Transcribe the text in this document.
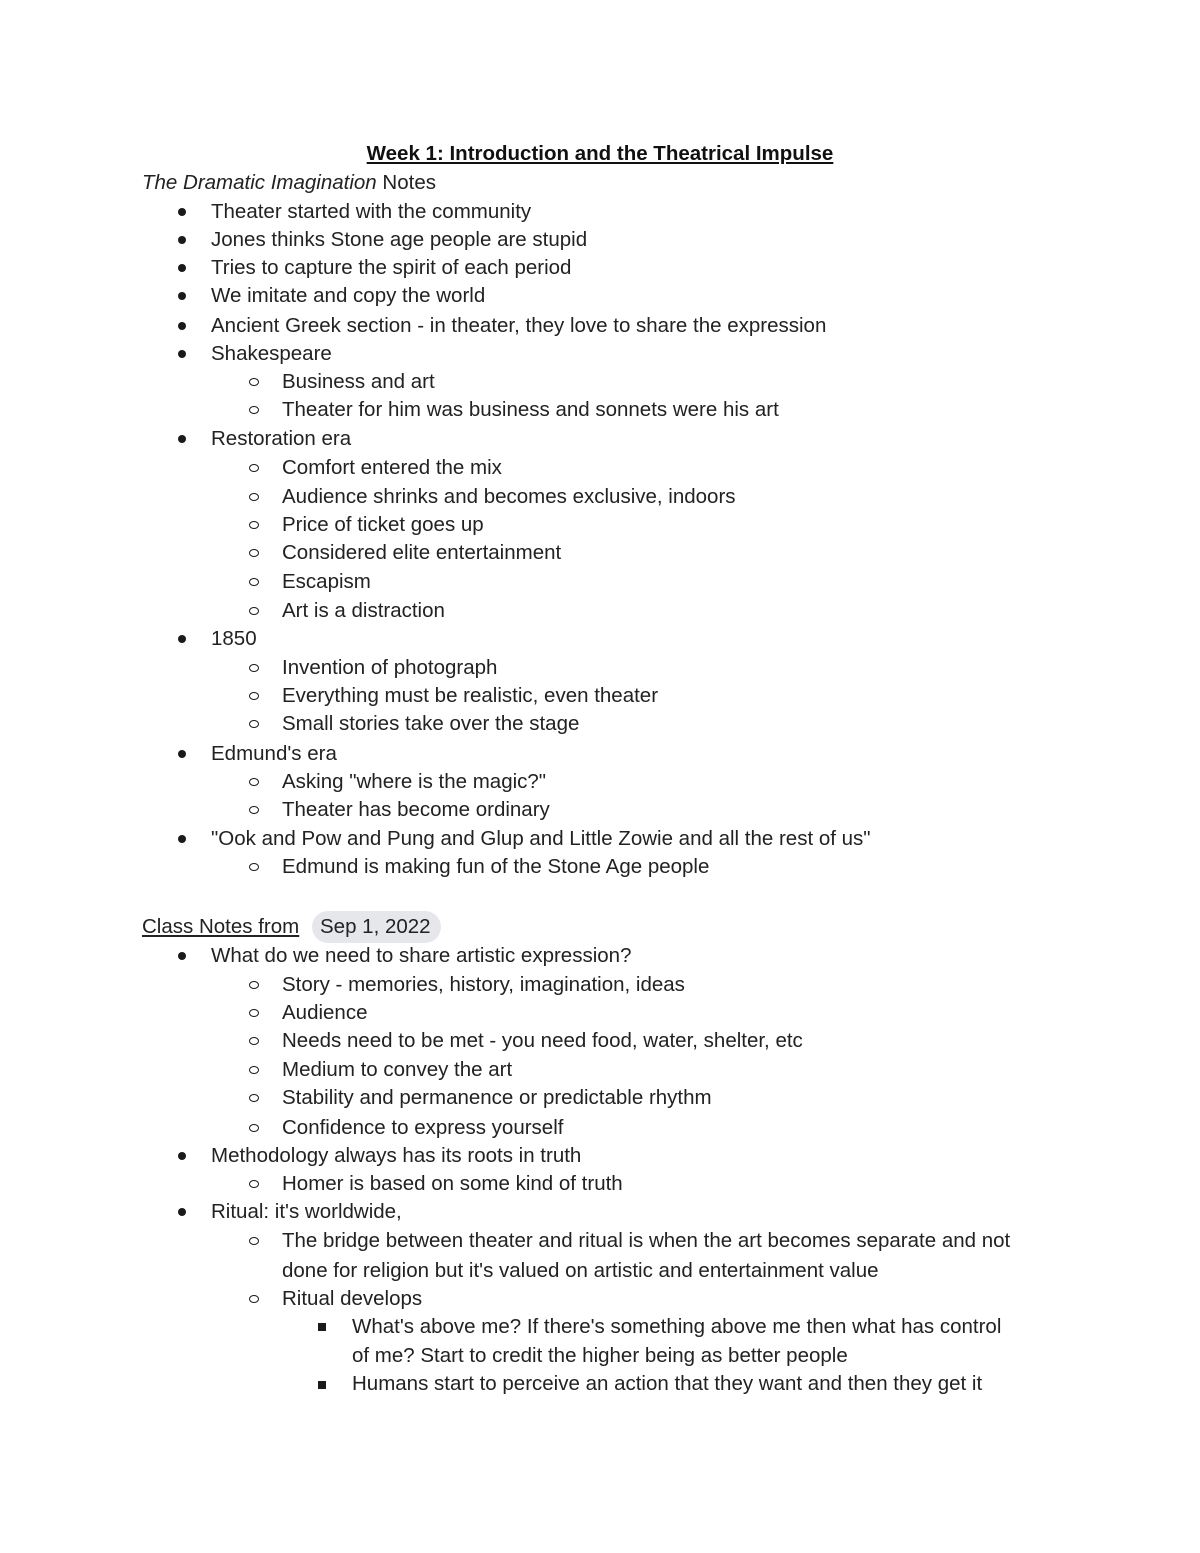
Week 1: Introduction and the Theatrical Impulse
The Dramatic Imagination Notes
Theater started with the community
Jones thinks Stone age people are stupid
Tries to capture the spirit of each period
We imitate and copy the world
Ancient Greek section - in theater, they love to share the expression
Shakespeare
Business and art
Theater for him was business and sonnets were his art
Restoration era
Comfort entered the mix
Audience shrinks and becomes exclusive, indoors
Price of ticket goes up
Considered elite entertainment
Escapism
Art is a distraction
1850
Invention of photograph
Everything must be realistic, even theater
Small stories take over the stage
Edmund's era
Asking "where is the magic?"
Theater has become ordinary
"Ook and Pow and Pung and Glup and Little Zowie and all the rest of us"
Edmund is making fun of the Stone Age people
Class Notes from	Sep 1, 2022
What do we need to share artistic expression?
Story - memories, history, imagination, ideas
Audience
Needs need to be met - you need food, water, shelter, etc
Medium to convey the art
Stability and permanence or predictable rhythm
Confidence to express yourself
Methodology always has its roots in truth
Homer is based on some kind of truth
Ritual: it's worldwide,
The bridge between theater and ritual is when the art becomes separate and not
done for religion but it's valued on artistic and entertainment value
Ritual develops
What's above me? If there's something above me then what has control
of me? Start to credit the higher being as better people
Humans start to perceive an action that they want and then they get it
